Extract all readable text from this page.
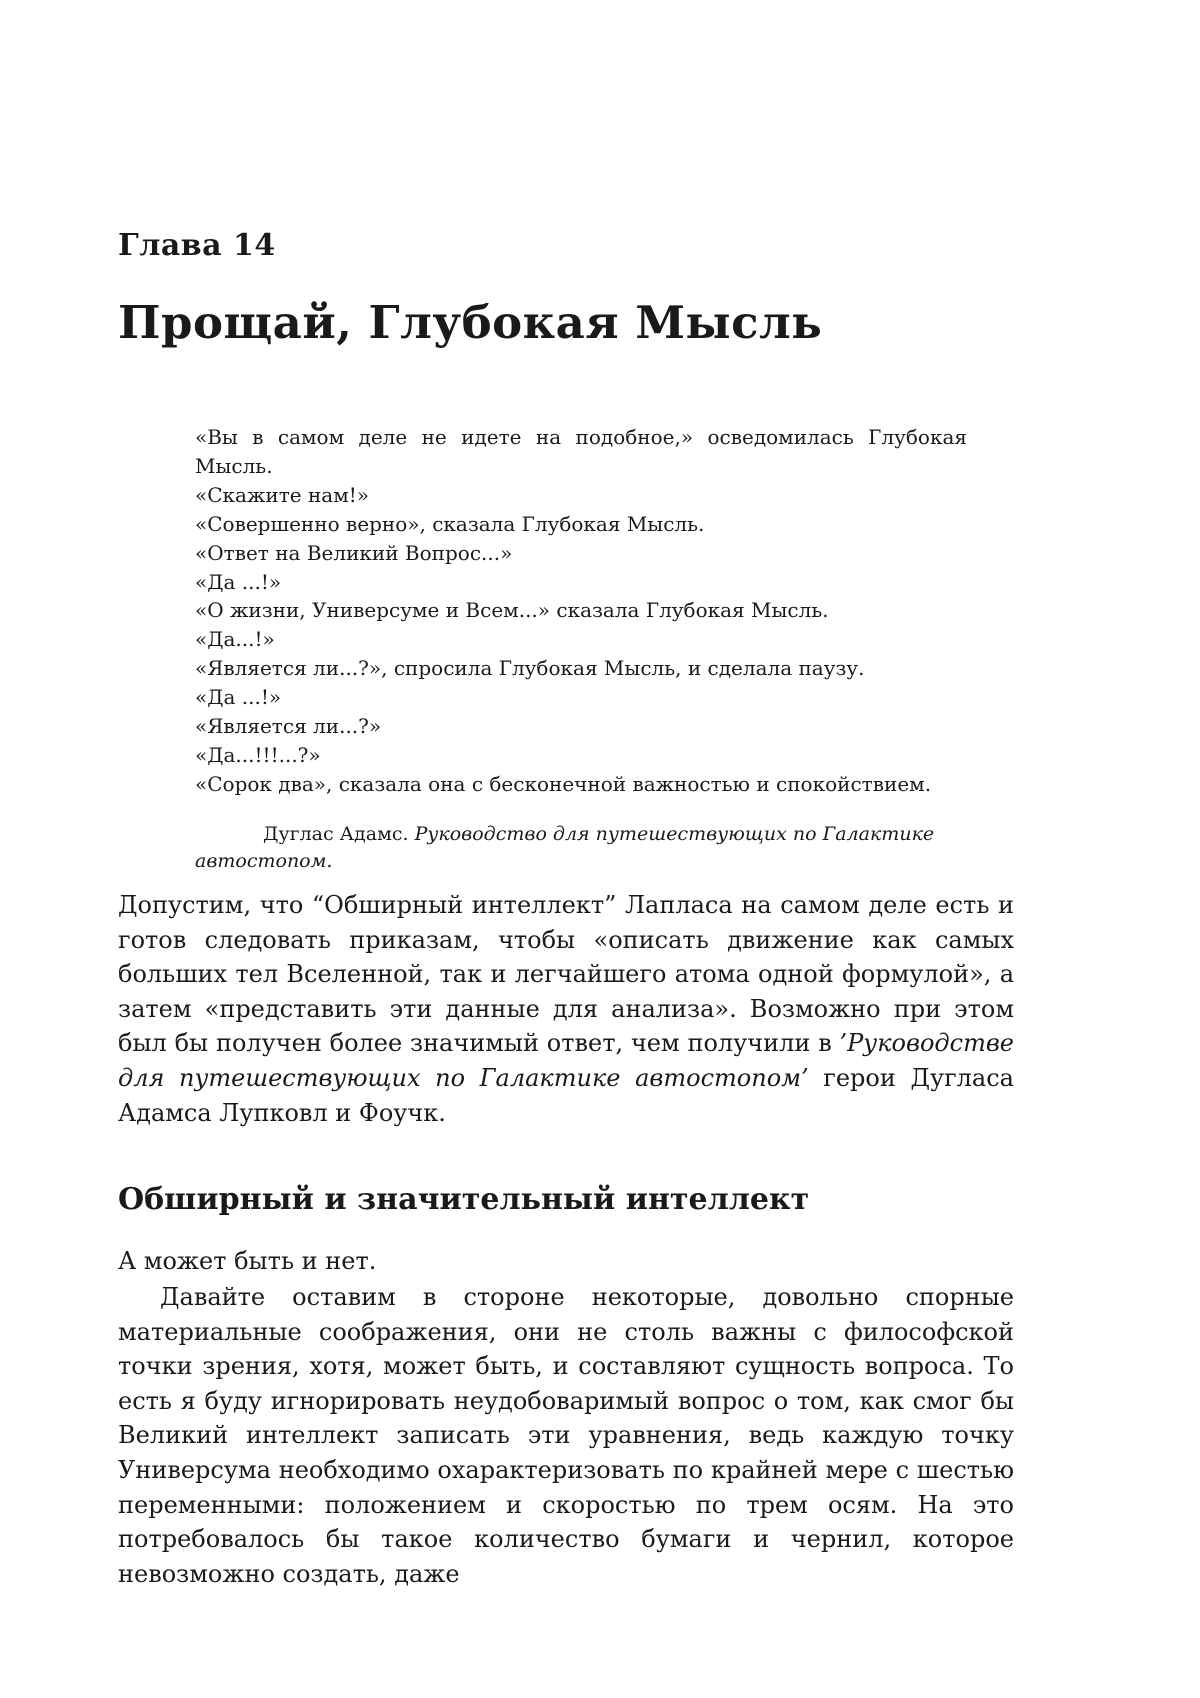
Глава 14
Прощай, Глубокая Мысль
«Вы в самом деле не идете на подобное,» осведомилась Глубокая Мысль.
«Скажите нам!»
«Совершенно верно», сказала Глубокая Мысль.
«Ответ на Великий Вопрос...»
«Да ...!»
«О жизни, Универсуме и Всем...» сказала Глубокая Мысль.
«Да...!»
«Является ли...?», спросила Глубокая Мысль, и сделала паузу.
«Да ...!»
«Является ли...?»
«Да...!!!...?»
«Сорок два», сказала она с бесконечной важностью и спокойствием.
Дуглас Адамс. Руководство для путешествующих по Галактике автостопом.

Допустим, что “Обширный интеллект” Лапласа на самом деле есть и готов следовать приказам, чтобы «описать движение как самых больших тел Вселенной, так и легчайшего атома одной формулой», а затем «представить эти данные для анализа». Возможно при этом был бы получен более значимый ответ, чем получили в ’Руководстве для путешествующих по Галактике автостопом’ герои Дугласа Адамса Лупковл и Фоучк.

Обширный и значительный интеллект

А может быть и нет.

Давайте оставим в стороне некоторые, довольно спорные материальные соображения, они не столь важны с философской точки зрения, хотя, может быть, и составляют сущность вопроса. То есть я буду игнорировать неудобоваримый вопрос о том, как смог бы Великий интеллект записать эти уравнения, ведь каждую точку Универсума необходимо охарактеризовать по крайней мере с шестью переменными: положением и скоростью по трем осям. На это потребовалось бы такое количество бумаги и чернил, которое невозможно создать, даже
